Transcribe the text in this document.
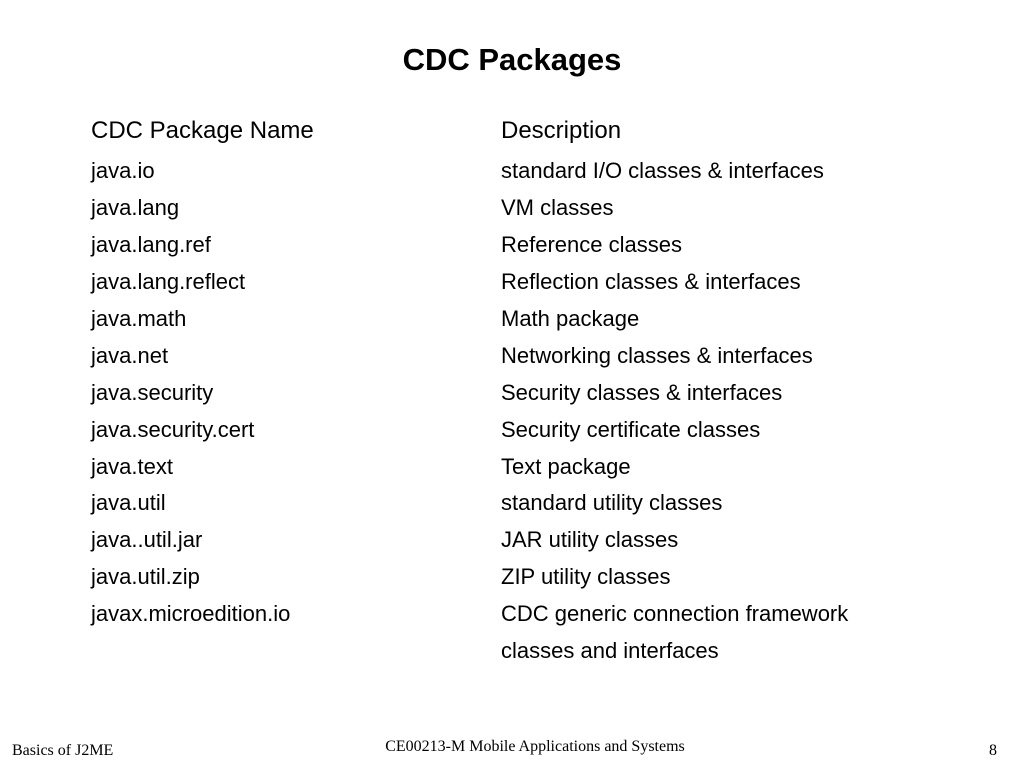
CDC Packages
CDC Package Name	Description
java.io	standard I/O classes & interfaces
java.lang	VM classes
java.lang.ref	Reference classes
java.lang.reflect	Reflection classes & interfaces
java.math	Math package
java.net	Networking classes & interfaces
java.security	Security classes & interfaces
java.security.cert	Security certificate classes
java.text	Text package
java.util	standard utility classes
java..util.jar	JAR utility classes
java.util.zip	ZIP utility classes
javax.microedition.io	CDC generic connection framework
classes and interfaces
Basics of J2ME	CE00213-M Mobile Applications and Systems	8
